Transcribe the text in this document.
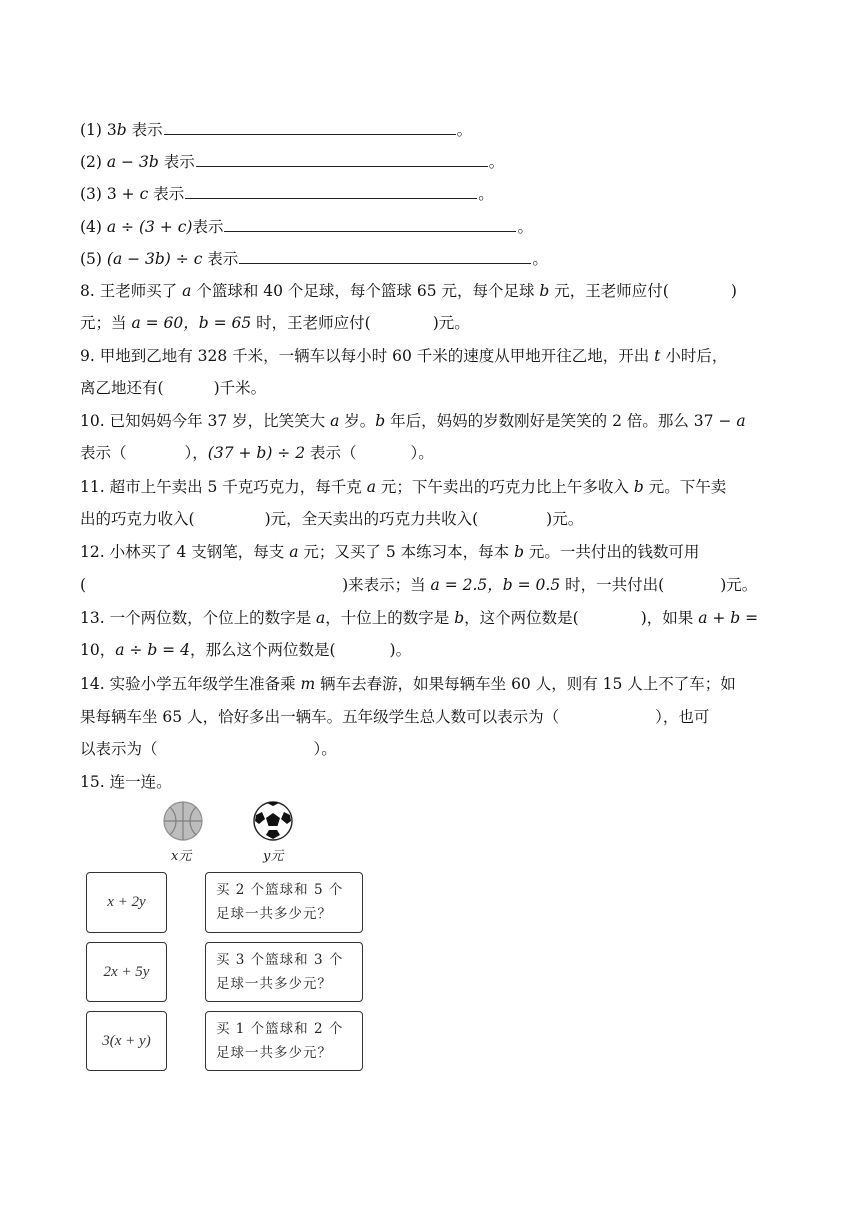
(1) 3b 表示	。
(2) a − 3b 表示	。
(3) 3 + c 表示	。
(4) a ÷ (3 + c)表示	。
(5) (a − 3b) ÷ c 表示	。
8. 王老师买了 a 个篮球和 40 个足球，每个篮球 65 元，每个足球 b 元，王老师应付(	)
元；当 a = 60，b = 65 时，王老师应付(	)元。
9. 甲地到乙地有 328 千米，一辆车以每小时 60 千米的速度从甲地开往乙地，开出 t 小时后，
离乙地还有(	)千米。
10. 已知妈妈今年 37 岁，比笑笑大 a 岁。b 年后，妈妈的岁数刚好是笑笑的 2 倍。那么 37 − a
表示（	），(37 + b) ÷ 2 表示（	）。
11. 超市上午卖出 5 千克巧克力，每千克 a 元；下午卖出的巧克力比上午多收入 b 元。下午卖
出的巧克力收入(	)元，全天卖出的巧克力共收入(	)元。
12. 小林买了 4 支钢笔，每支 a 元；又买了 5 本练习本，每本 b 元。一共付出的钱数可用
(	)来表示；当 a = 2.5，b = 0.5 时，一共付出(	)元。
13. 一个两位数，个位上的数字是 a，十位上的数字是 b，这个两位数是(	)，如果 a + b =
10，a ÷ b = 4，那么这个两位数是(	)。
14. 实验小学五年级学生准备乘 m 辆车去春游，如果每辆车坐 60 人，则有 15 人上不了车；如
果每辆车坐 65 人，恰好多出一辆车。五年级学生总人数可以表示为（	），也可
以表示为（	）。
15. 连一连。
x元	y元
x + 2y
2x + 5y
3(x + y)
买 2 个篮球和 5 个
足球一共多少元？
买 3 个篮球和 3 个
足球一共多少元？
买 1 个篮球和 2 个
足球一共多少元？
